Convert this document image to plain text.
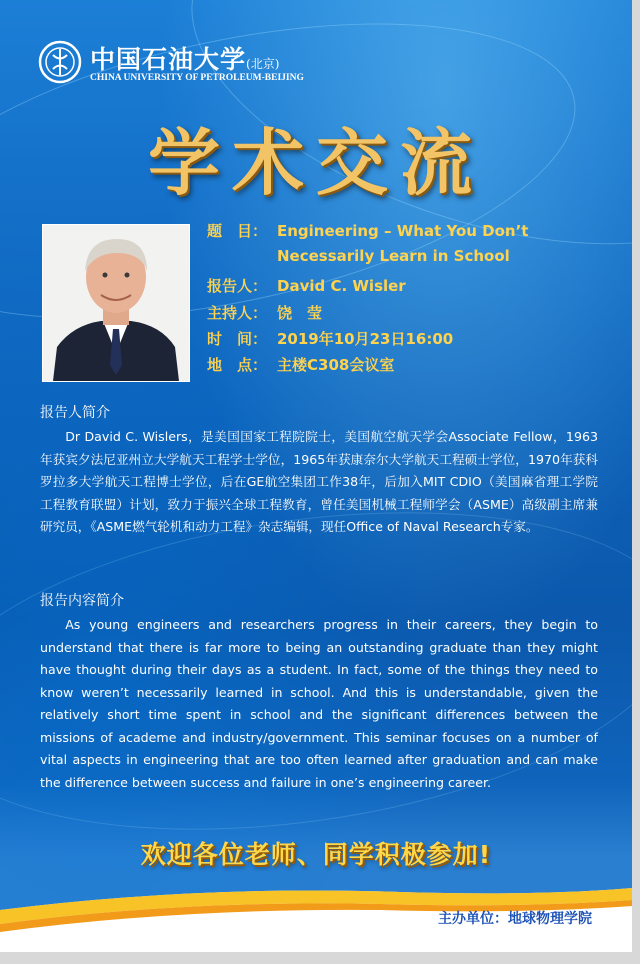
中国石油大学(北京)
CHINA UNIVERSITY OF PETROLEUM-BEIJING
学术交流
题　目： Engineering – What You Don’t
Necessarily Learn in School
报告人： David C. Wisler
主持人： 饶　莹
时　间： 2019年10月23日16:00
地　点： 主楼C308会议室
报告人简介
Dr David C. Wislers，是美国国家工程院院士，美国航空航天学会Associate Fellow，1963年获宾夕法尼亚州立大学航天工程学士学位，1965年获康奈尔大学航天工程硕士学位，1970年获科罗拉多大学航天工程博士学位，后在GE航空集团工作38年，后加入MIT CDIO（美国麻省理工学院工程教育联盟）计划，致力于振兴全球工程教育，曾任美国机械工程师学会（ASME）高级副主席兼研究员，《ASME燃气轮机和动力工程》杂志编辑，现任Office of Naval Research专家。
报告内容简介
As young engineers and researchers progress in their careers, they begin to understand that there is far more to being an outstanding graduate than they might have thought during their days as a student. In fact, some of the things they need to know weren’t necessarily learned in school. And this is understandable, given the relatively short time spent in school and the significant differences between the missions of academe and industry/government. This seminar focuses on a number of vital aspects in engineering that are too often learned after graduation and can make the difference between success and failure in one’s engineering career.
欢迎各位老师、同学积极参加!
主办单位：地球物理学院
